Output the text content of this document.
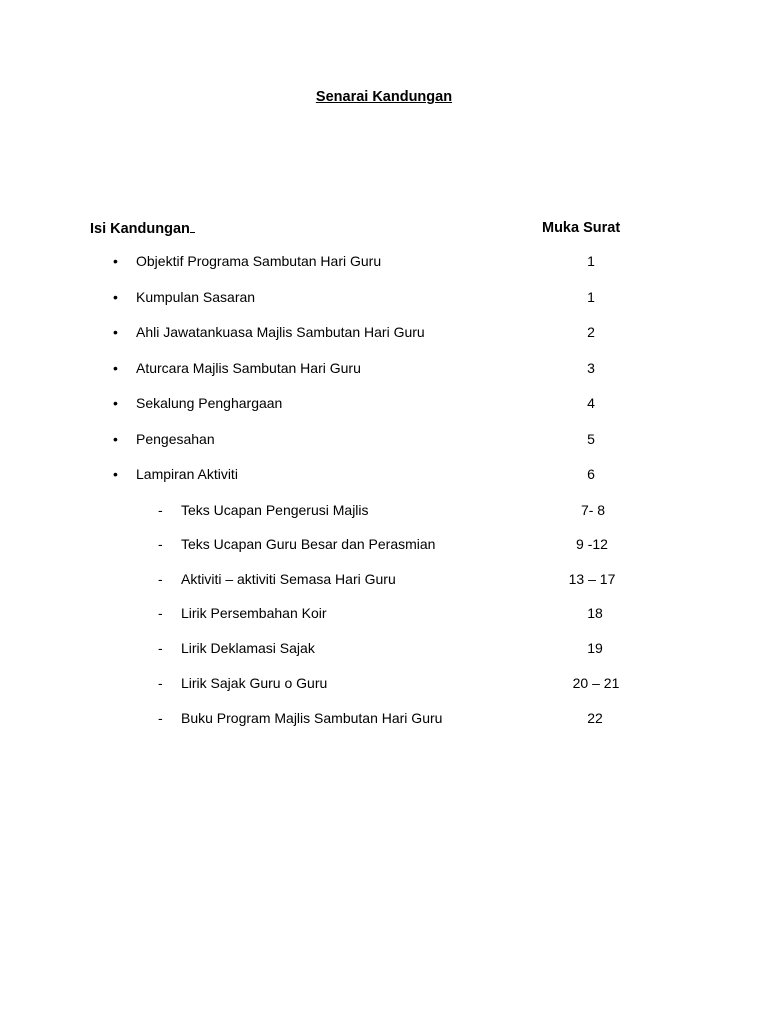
Senarai Kandungan
Isi Kandungan	Muka Surat
• Objektif Programa Sambutan Hari Guru	1
• Kumpulan Sasaran	1
• Ahli Jawatankuasa Majlis Sambutan Hari Guru	2
• Aturcara Majlis Sambutan Hari Guru	3
• Sekalung Penghargaan	4
• Pengesahan	5
• Lampiran Aktiviti	6
- Teks Ucapan Pengerusi Majlis	7- 8
- Teks Ucapan Guru Besar dan Perasmian	9 -12
- Aktiviti – aktiviti Semasa Hari Guru	13 – 17
- Lirik Persembahan Koir	18
- Lirik Deklamasi Sajak	19
- Lirik Sajak Guru o Guru	20 – 21
- Buku Program Majlis Sambutan Hari Guru	22
